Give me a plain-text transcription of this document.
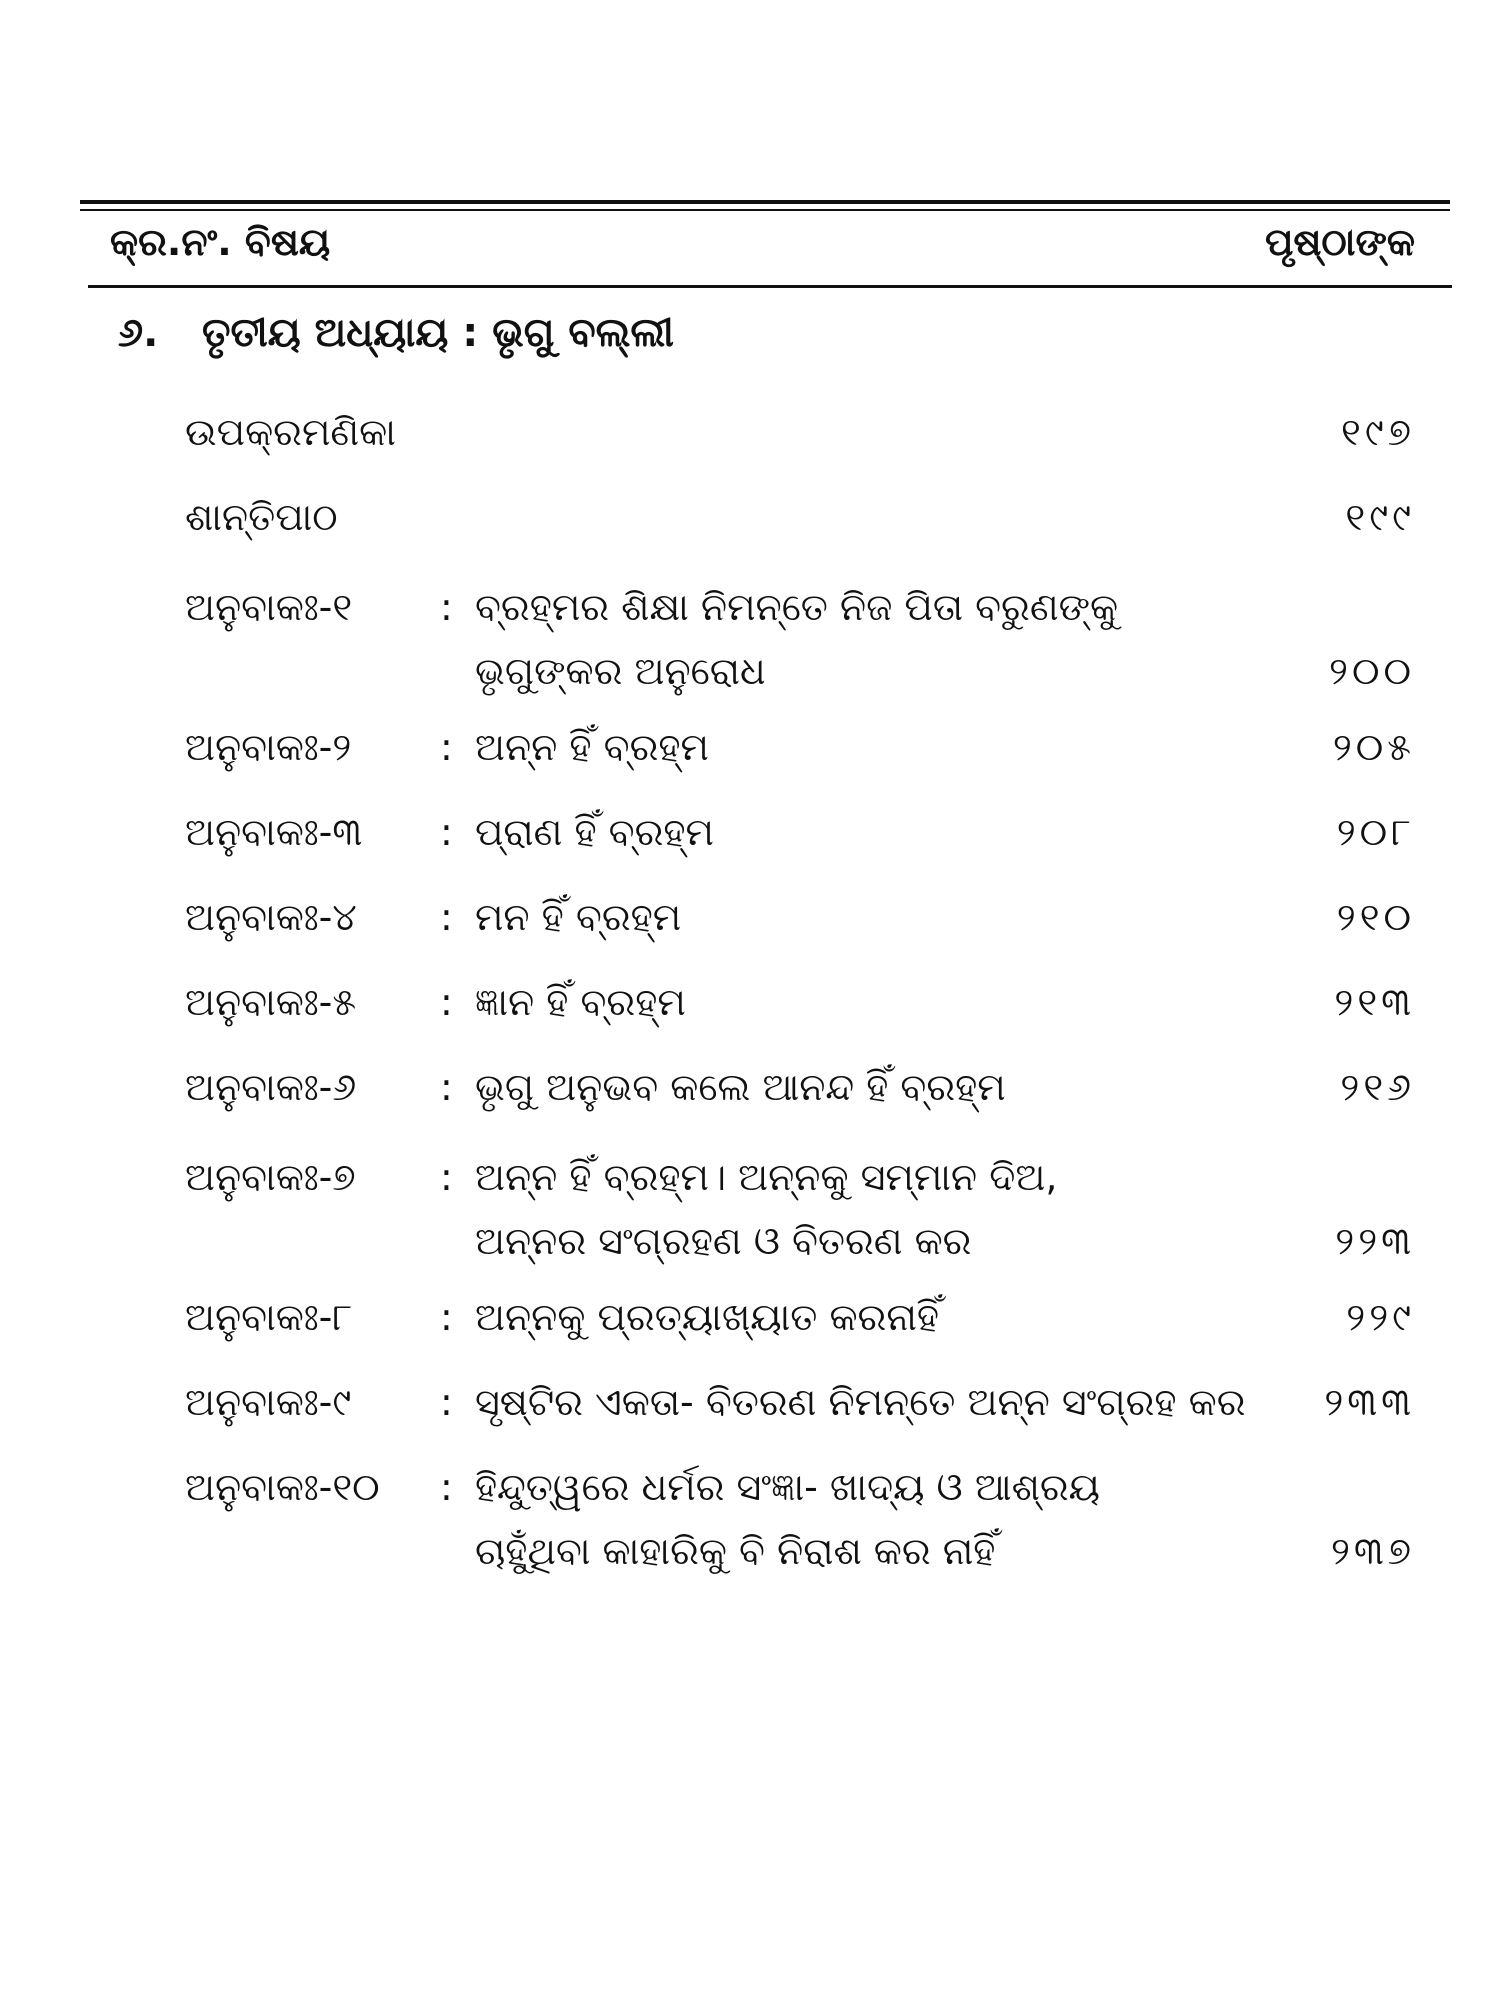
କ୍ର.ନଂ. ବିଷୟ	ପୃଷ୍ଠାଙ୍କ
୬. ତୃତୀୟ ଅଧ୍ୟାୟ : ଭୃଗୁ ବଲ୍ଲୀ
ଉପକ୍ରମଣିକା	୧୯୭
ଶାନ୍ତିପାଠ	୧୯୯
ଅନୁବାକଃ-୧ : ବ୍ରହ୍ମର ଶିକ୍ଷା ନିମନ୍ତେ ନିଜ ପିତା ବରୁଣଙ୍କୁ
ଭୃଗୁଙ୍କର ଅନୁରୋଧ	୨୦୦
ଅନୁବାକଃ-୨ : ଅନ୍ନ ହିଁ ବ୍ରହ୍ମ	୨୦୫
ଅନୁବାକଃ-୩ : ପ୍ରାଣ ହିଁ ବ୍ରହ୍ମ	୨୦୮
ଅନୁବାକଃ-୪ : ମନ ହିଁ ବ୍ରହ୍ମ	୨୧୦
ଅନୁବାକଃ-୫ : ଜ୍ଞାନ ହିଁ ବ୍ରହ୍ମ	୨୧୩
ଅନୁବାକଃ-୬ : ଭୃଗୁ ଅନୁଭବ କଲେ ଆନନ୍ଦ ହିଁ ବ୍ରହ୍ମ	୨୧୬
ଅନୁବାକଃ-୭ : ଅନ୍ନ ହିଁ ବ୍ରହ୍ମ। ଅନ୍ନକୁ ସମ୍ମାନ ଦିଅ,
ଅନ୍ନର ସଂଗ୍ରହଣ ଓ ବିତରଣ କର	୨୨୩
ଅନୁବାକଃ-୮ : ଅନ୍ନକୁ ପ୍ରତ୍ୟାଖ୍ୟାତ କରନାହିଁ	୨୨୯
ଅନୁବାକଃ-୯ : ସୃଷ୍ଟିର ଏକତା- ବିତରଣ ନିମନ୍ତେ ଅନ୍ନ ସଂଗ୍ରହ କର	୨୩୩
ଅନୁବାକଃ-୧୦ : ହିନ୍ଦୁତ୍ୱରେ ଧର୍ମର ସଂଜ୍ଞା- ଖାଦ୍ୟ ଓ ଆଶ୍ରୟ
ଚାହୁଁଥିବା କାହାରିକୁ ବି ନିରାଶ କର ନାହିଁ	୨୩୭
